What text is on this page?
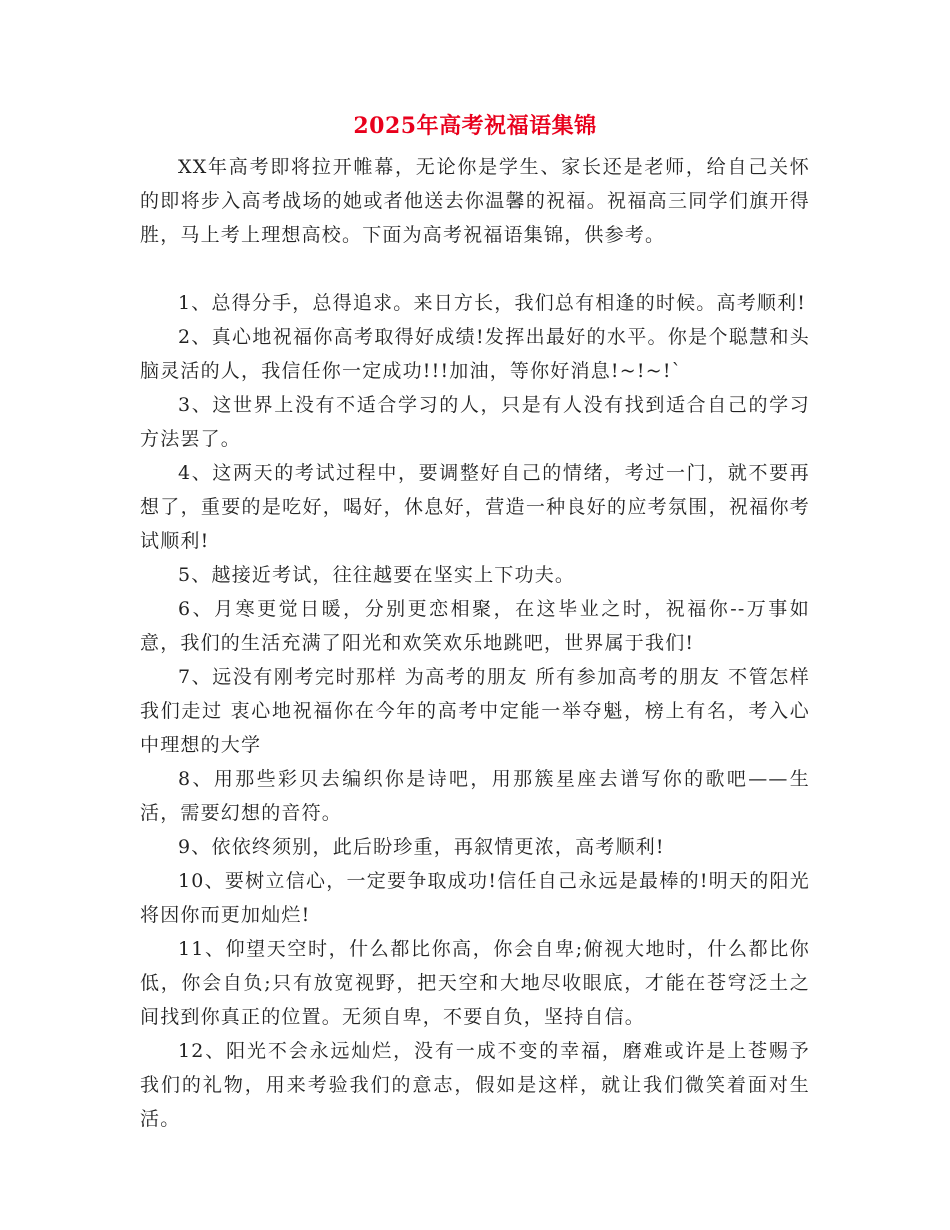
2025年高考祝福语集锦

XX年高考即将拉开帷幕，无论你是学生、家长还是老师，给自己关怀的即将步入高考战场的她或者他送去你温馨的祝福。祝福高三同学们旗开得胜，马上考上理想高校。下面为高考祝福语集锦，供参考。

1、总得分手，总得追求。来日方长，我们总有相逢的时候。高考顺利!

2、真心地祝福你高考取得好成绩!发挥出最好的水平。你是个聪慧和头脑灵活的人，我信任你一定成功!!!加油，等你好消息!~!~!`

3、这世界上没有不适合学习的人，只是有人没有找到适合自己的学习方法罢了。

4、这两天的考试过程中，要调整好自己的情绪，考过一门，就不要再想了，重要的是吃好，喝好，休息好，营造一种良好的应考氛围，祝福你考试顺利!

5、越接近考试，往往越要在坚实上下功夫。

6、月寒更觉日暖，分别更恋相聚，在这毕业之时，祝福你--万事如意，我们的生活充满了阳光和欢笑欢乐地跳吧，世界属于我们!

7、远没有刚考完时那样 为高考的朋友 所有参加高考的朋友 不管怎样我们走过 衷心地祝福你在今年的高考中定能一举夺魁，榜上有名，考入心中理想的大学

8、用那些彩贝去编织你是诗吧，用那簇星座去谱写你的歌吧——生活，需要幻想的音符。

9、依依终须别，此后盼珍重，再叙情更浓，高考顺利!

10、要树立信心，一定要争取成功!信任自己永远是最棒的!明天的阳光将因你而更加灿烂!

11、仰望天空时，什么都比你高，你会自卑;俯视大地时，什么都比你低，你会自负;只有放宽视野，把天空和大地尽收眼底，才能在苍穹泛土之间找到你真正的位置。无须自卑，不要自负，坚持自信。

12、阳光不会永远灿烂，没有一成不变的幸福，磨难或许是上苍赐予我们的礼物，用来考验我们的意志，假如是这样，就让我们微笑着面对生活。
